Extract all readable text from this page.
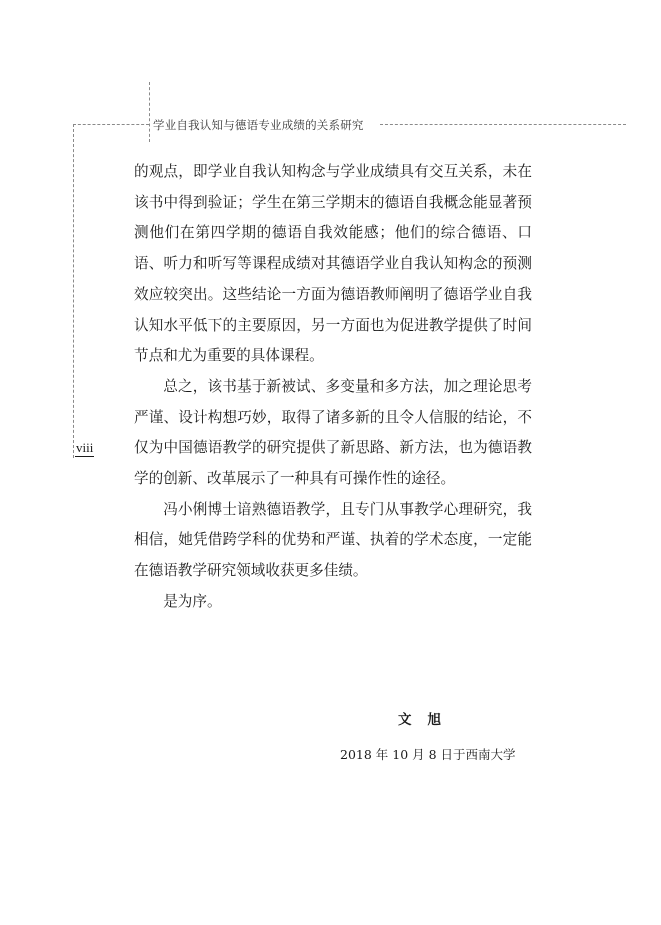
学业自我认知与德语专业成绩的关系研究
viii

的观点，即学业自我认知构念与学业成绩具有交互关系，未在该书中得到验证；学生在第三学期末的德语自我概念能显著预测他们在第四学期的德语自我效能感；他们的综合德语、口语、听力和听写等课程成绩对其德语学业自我认知构念的预测效应较突出。这些结论一方面为德语教师阐明了德语学业自我认知水平低下的主要原因，另一方面也为促进教学提供了时间节点和尤为重要的具体课程。

总之，该书基于新被试、多变量和多方法，加之理论思考严谨、设计构想巧妙，取得了诸多新的且令人信服的结论，不仅为中国德语教学的研究提供了新思路、新方法，也为德语教学的创新、改革展示了一种具有可操作性的途径。

冯小俐博士谙熟德语教学，且专门从事教学心理研究，我相信，她凭借跨学科的优势和严谨、执着的学术态度，一定能在德语教学研究领域收获更多佳绩。

是为序。

文旭
2018 年 10 月 8 日于西南大学
